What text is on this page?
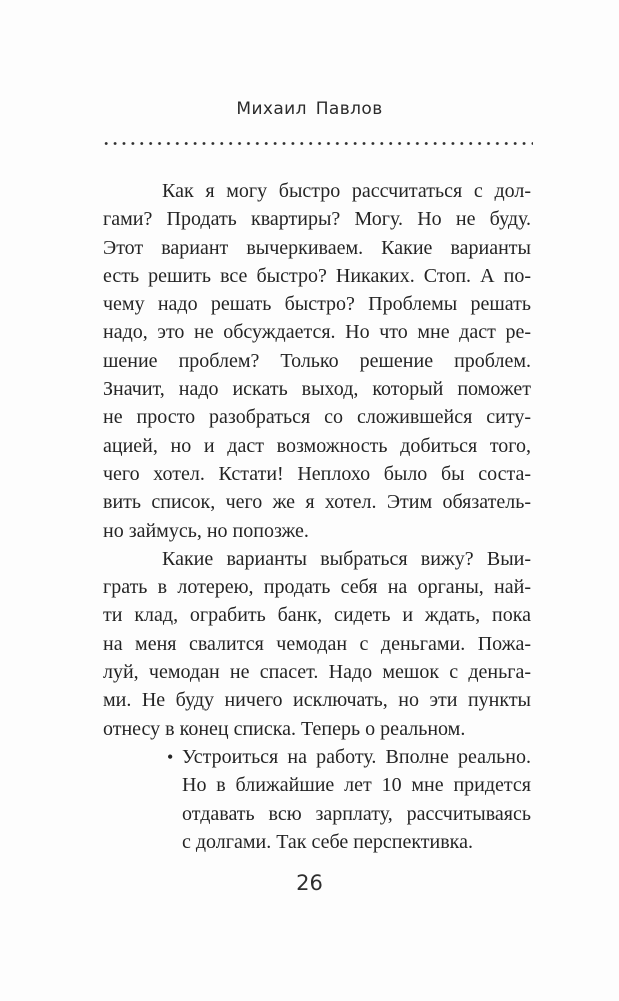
Михаил Павлов
Как я могу быстро рассчитаться с дол-
гами? Продать квартиры? Могу. Но не буду.
Этот вариант вычеркиваем. Какие варианты
есть решить все быстро? Никаких. Стоп. А по-
чему надо решать быстро? Проблемы решать
надо, это не обсуждается. Но что мне даст ре-
шение проблем? Только решение проблем.
Значит, надо искать выход, который поможет
не просто разобраться со сложившейся ситу-
ацией, но и даст возможность добиться того,
чего хотел. Кстати! Неплохо было бы соста-
вить список, чего же я хотел. Этим обязатель-
но займусь, но попозже.
Какие варианты выбраться вижу? Выи-
грать в лотерею, продать себя на органы, най-
ти клад, ограбить банк, сидеть и ждать, пока
на меня свалится чемодан с деньгами. Пожа-
луй, чемодан не спасет. Надо мешок с деньга-
ми. Не буду ничего исключать, но эти пункты
отнесу в конец списка. Теперь о реальном.
• Устроиться на работу. Вполне реально.
Но в ближайшие лет 10 мне придется
отдавать всю зарплату, рассчитываясь
с долгами. Так себе перспективка.
26
